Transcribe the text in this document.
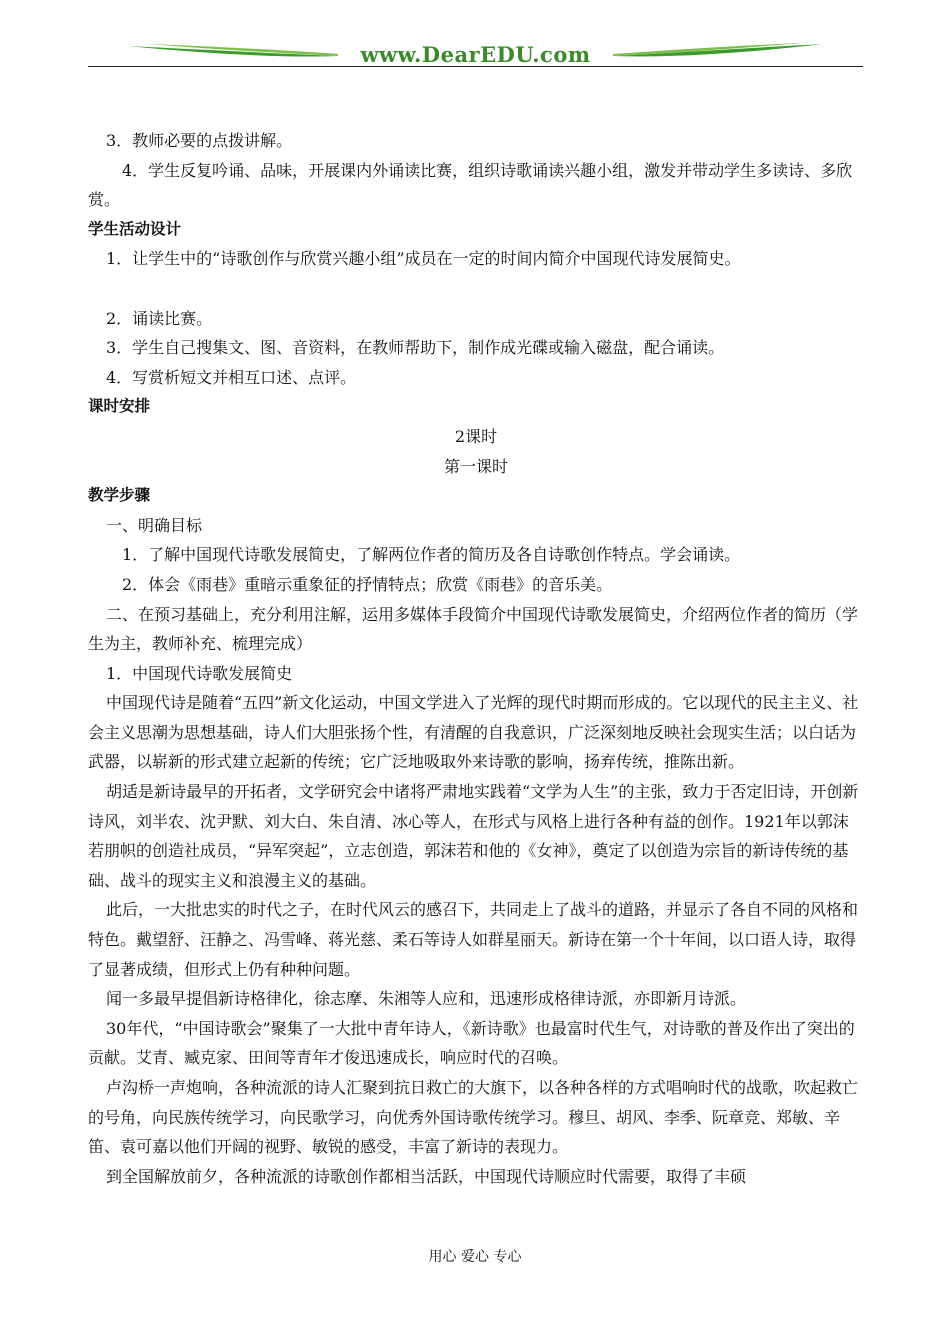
www.DearEDU.com

3．教师必要的点拨讲解。

4．学生反复吟诵、品味，开展课内外诵读比赛，组织诗歌诵读兴趣小组，激发并带动学生多读诗、多欣赏。

学生活动设计

1．让学生中的“诗歌创作与欣赏兴趣小组”成员在一定的时间内简介中国现代诗发展简史。

2．诵读比赛。

3．学生自己搜集文、图、音资料，在教师帮助下，制作成光碟或输入磁盘，配合诵读。

4．写赏析短文并相互口述、点评。

课时安排

2课时

第一课时

教学步骤

一、明确目标

1．了解中国现代诗歌发展简史，了解两位作者的简历及各自诗歌创作特点。学会诵读。

2．体会《雨巷》重暗示重象征的抒情特点；欣赏《雨巷》的音乐美。

二、在预习基础上，充分利用注解，运用多媒体手段简介中国现代诗歌发展简史，介绍两位作者的简历（学生为主，教师补充、梳理完成）

1．中国现代诗歌发展简史

中国现代诗是随着“五四”新文化运动，中国文学进入了光辉的现代时期而形成的。它以现代的民主主义、社会主义思潮为思想基础，诗人们大胆张扬个性，有清醒的自我意识，广泛深刻地反映社会现实生活；以白话为武器，以崭新的形式建立起新的传统；它广泛地吸取外来诗歌的影响，扬弃传统，推陈出新。

胡适是新诗最早的开拓者，文学研究会中诸将严肃地实践着“文学为人生”的主张，致力于否定旧诗，开创新诗风，刘半农、沈尹默、刘大白、朱自清、冰心等人，在形式与风格上进行各种有益的创作。1921年以郭沫若朋帜的创造社成员，“异军突起”，立志创造，郭沫若和他的《女神》，奠定了以创造为宗旨的新诗传统的基础、战斗的现实主义和浪漫主义的基础。

此后，一大批忠实的时代之子，在时代风云的感召下，共同走上了战斗的道路，并显示了各自不同的风格和特色。戴望舒、汪静之、冯雪峰、蒋光慈、柔石等诗人如群星丽天。新诗在第一个十年间，以口语人诗，取得了显著成绩，但形式上仍有种种问题。

闻一多最早提倡新诗格律化，徐志摩、朱湘等人应和，迅速形成格律诗派，亦即新月诗派。

30年代，“中国诗歌会”聚集了一大批中青年诗人，《新诗歌》也最富时代生气，对诗歌的普及作出了突出的贡献。艾青、臧克家、田间等青年才俊迅速成长，响应时代的召唤。

卢沟桥一声炮响，各种流派的诗人汇聚到抗日救亡的大旗下，以各种各样的方式唱响时代的战歌，吹起救亡的号角，向民族传统学习，向民歌学习，向优秀外国诗歌传统学习。穆旦、胡风、李季、阮章竞、郑敏、辛笛、袁可嘉以他们开阔的视野、敏锐的感受，丰富了新诗的表现力。

到全国解放前夕，各种流派的诗歌创作都相当活跃，中国现代诗顺应时代需要，取得了丰硕

用心 爱心 专心
